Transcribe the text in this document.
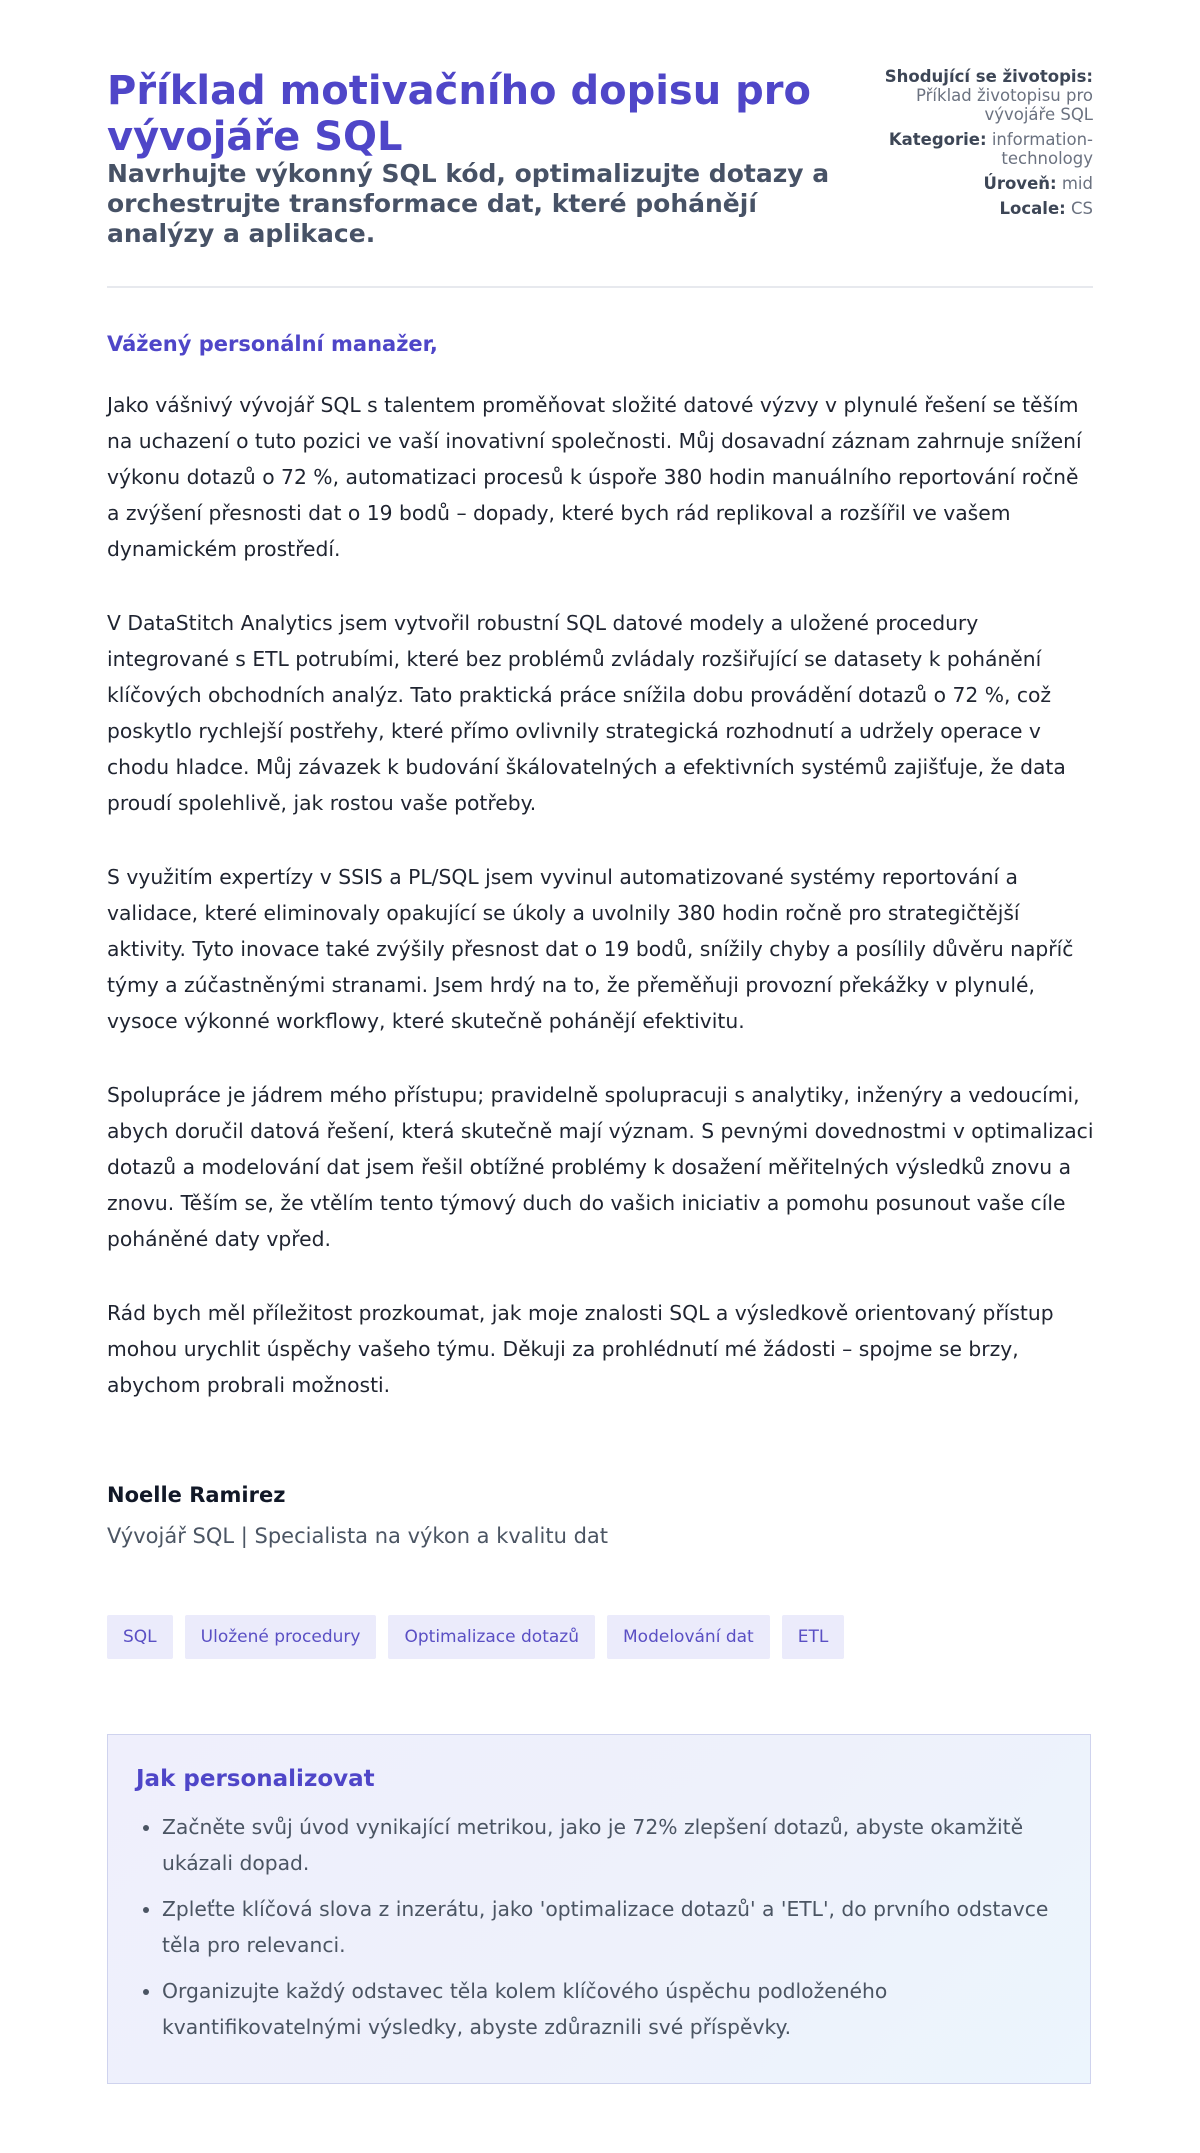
Příklad motivačního dopisu pro vývojáře SQL

Navrhujte výkonný SQL kód, optimalizujte dotazy a orchestrujte transformace dat, které pohánějí analýzy a aplikace.

Shodující se životopis:
Příklad životopisu pro vývojáře SQL
Kategorie: information-technology
Úroveň: mid
Locale: CS
Vážený personální manažer,

Jako vášnivý vývojář SQL s talentem proměňovat složité datové výzvy v plynulé řešení se těším na uchazení o tuto pozici ve vaší inovativní společnosti. Můj dosavadní záznam zahrnuje snížení výkonu dotazů o 72 %, automatizaci procesů k úspoře 380 hodin manuálního reportování ročně a zvýšení přesnosti dat o 19 bodů – dopady, které bych rád replikoval a rozšířil ve vašem dynamickém prostředí.

V DataStitch Analytics jsem vytvořil robustní SQL datové modely a uložené procedury integrované s ETL potrubími, které bez problémů zvládaly rozšiřující se datasety k pohánění klíčových obchodních analýz. Tato praktická práce snížila dobu provádění dotazů o 72 %, což poskytlo rychlejší postřehy, které přímo ovlivnily strategická rozhodnutí a udržely operace v chodu hladce. Můj závazek k budování škálovatelných a efektivních systémů zajišťuje, že data proudí spolehlivě, jak rostou vaše potřeby.

S využitím expertízy v SSIS a PL/SQL jsem vyvinul automatizované systémy reportování a validace, které eliminovaly opakující se úkoly a uvolnily 380 hodin ročně pro strategičtější aktivity. Tyto inovace také zvýšily přesnost dat o 19 bodů, snížily chyby a posílily důvěru napříč týmy a zúčastněnými stranami. Jsem hrdý na to, že přeměňuji provozní překážky v plynulé, vysoce výkonné workflowy, které skutečně pohánějí efektivitu.

Spolupráce je jádrem mého přístupu; pravidelně spolupracuji s analytiky, inženýry a vedoucími, abych doručil datová řešení, která skutečně mají význam. S pevnými dovednostmi v optimalizaci dotazů a modelování dat jsem řešil obtížné problémy k dosažení měřitelných výsledků znovu a znovu. Těším se, že vtělím tento týmový duch do vašich iniciativ a pomohu posunout vaše cíle poháněné daty vpřed.

Rád bych měl příležitost prozkoumat, jak moje znalosti SQL a výsledkově orientovaný přístup mohou urychlit úspěchy vašeho týmu. Děkuji za prohlédnutí mé žádosti – spojme se brzy, abychom probrali možnosti.

Noelle Ramirez
Vývojář SQL | Specialista na výkon a kvalitu dat
SQL	Uložené procedury	Optimalizace dotazů	Modelování dat	ETL
Jak personalizovat
• Začněte svůj úvod vynikající metrikou, jako je 72% zlepšení dotazů, abyste okamžitě ukázali dopad.
• Zpleťte klíčová slova z inzerátu, jako 'optimalizace dotazů' a 'ETL', do prvního odstavce těla pro relevanci.
• Organizujte každý odstavec těla kolem klíčového úspěchu podloženého kvantifikovatelnými výsledky, abyste zdůraznili své příspěvky.
